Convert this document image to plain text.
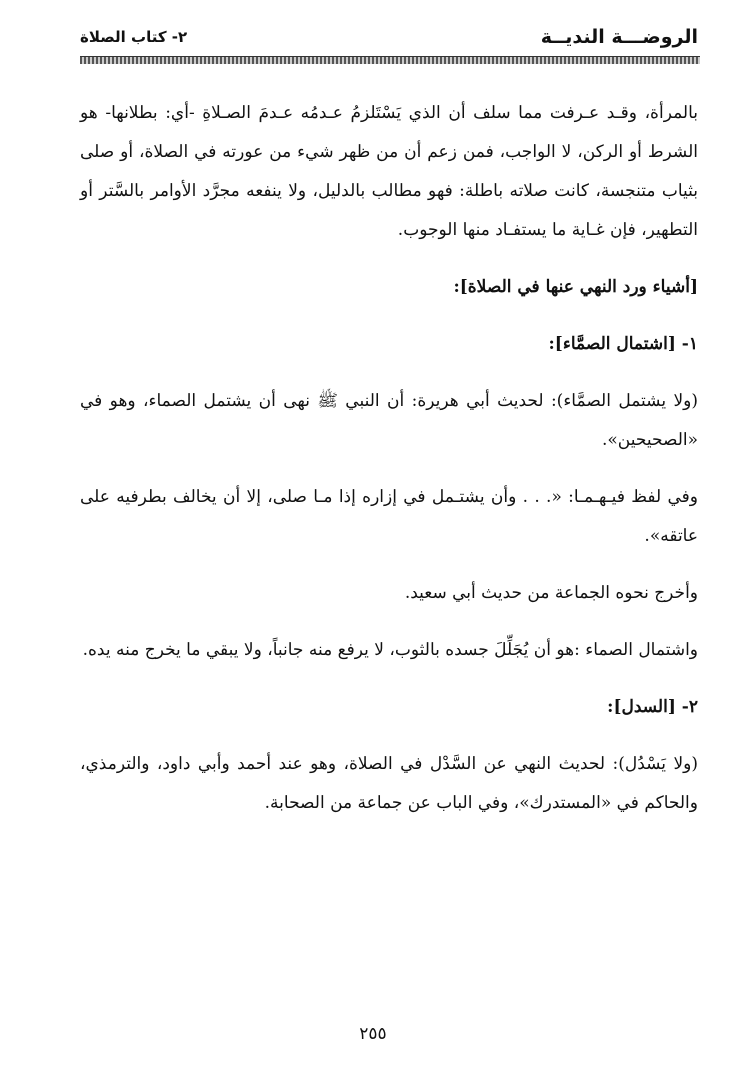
الروضـــة النديــة
٢- كتاب الصلاة

بالمرأة، وقـد عـرفت مما سلف أن الذي يَسْتَلزمُ عـدمُه عـدمَ الصـلاةِ -أي: بطلانها- هو الشرط أو الركن، لا الواجب، فمن زعم أن من ظهر شيء من عورته في الصلاة، أو صلى بثياب متنجسة، كانت صلاته باطلة: فهو مطالب بالدليل، ولا ينفعه مجرَّد الأوامر بالسَّتر أو التطهير، فإن غـاية ما يستفـاد منها الوجوب.

[أشياء ورد النهي عنها في الصلاة]:

١- [اشتمال الصمَّاء]:

(ولا يشتمل الصمَّاء): لحديث أبي هريرة: أن النبي ﷺ نهى أن يشتمل الصماء، وهو في «الصحيحين».

وفي لفظ فيـهـمـا: «. . . وأن يشتـمل في إزاره إذا مـا صلى، إلا أن يخالف بطرفيه على عاتقه».

وأخرج نحوه الجماعة من حديث أبي سعيد.

واشتمال الصماء :هو أن يُجَلِّلَ جسده بالثوب، لا يرفع منه جانباً، ولا يبقي ما يخرج منه يده.

٢- [السدل]:

(ولا يَسْدُل): لحديث النهي عن السَّدْل في الصلاة، وهو عند أحمد وأبي داود، والترمذي، والحاكم في «المستدرك»، وفي الباب عن جماعة من الصحابة.

٢٥٥
